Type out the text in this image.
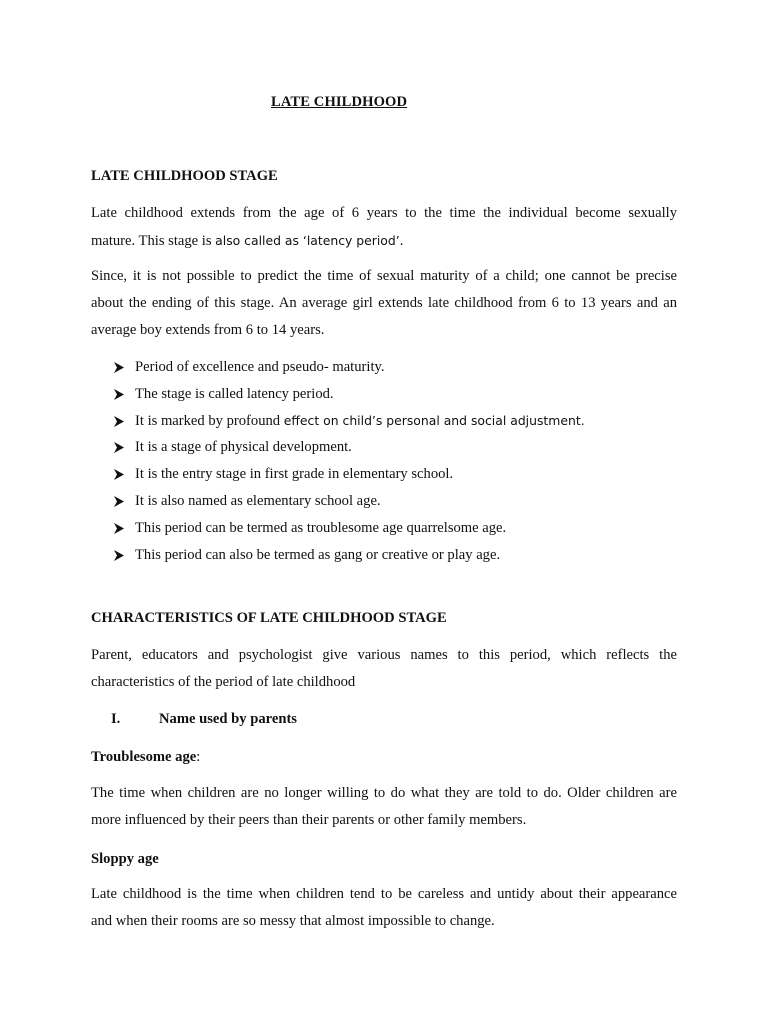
LATE CHILDHOOD
LATE CHILDHOOD STAGE
Late childhood extends from the age of 6 years to the time the individual become sexually
mature. This stage is also called as ‘latency period’.
Since, it is not possible to predict the time of sexual maturity of a child; one cannot be precise
about the ending of this stage. An average girl extends late childhood from 6 to 13 years and an
average boy extends from 6 to 14 years.
Period of excellence and pseudo- maturity.
The stage is called latency period.
It is marked by profound effect on child’s personal and social adjustment.
It is a stage of physical development.
It is the entry stage in first grade in elementary school.
It is also named as elementary school age.
This period can be termed as troublesome age quarrelsome age.
This period can also be termed as gang or creative or play age.
CHARACTERISTICS OF LATE CHILDHOOD STAGE
Parent, educators and psychologist give various names to this period, which reflects the
characteristics of the period of late childhood
I.	Name used by parents
Troublesome age:
The time when children are no longer willing to do what they are told to do. Older children are
more influenced by their peers than their parents or other family members.
Sloppy age
Late childhood is the time when children tend to be careless and untidy about their appearance
and when their rooms are so messy that almost impossible to change.
